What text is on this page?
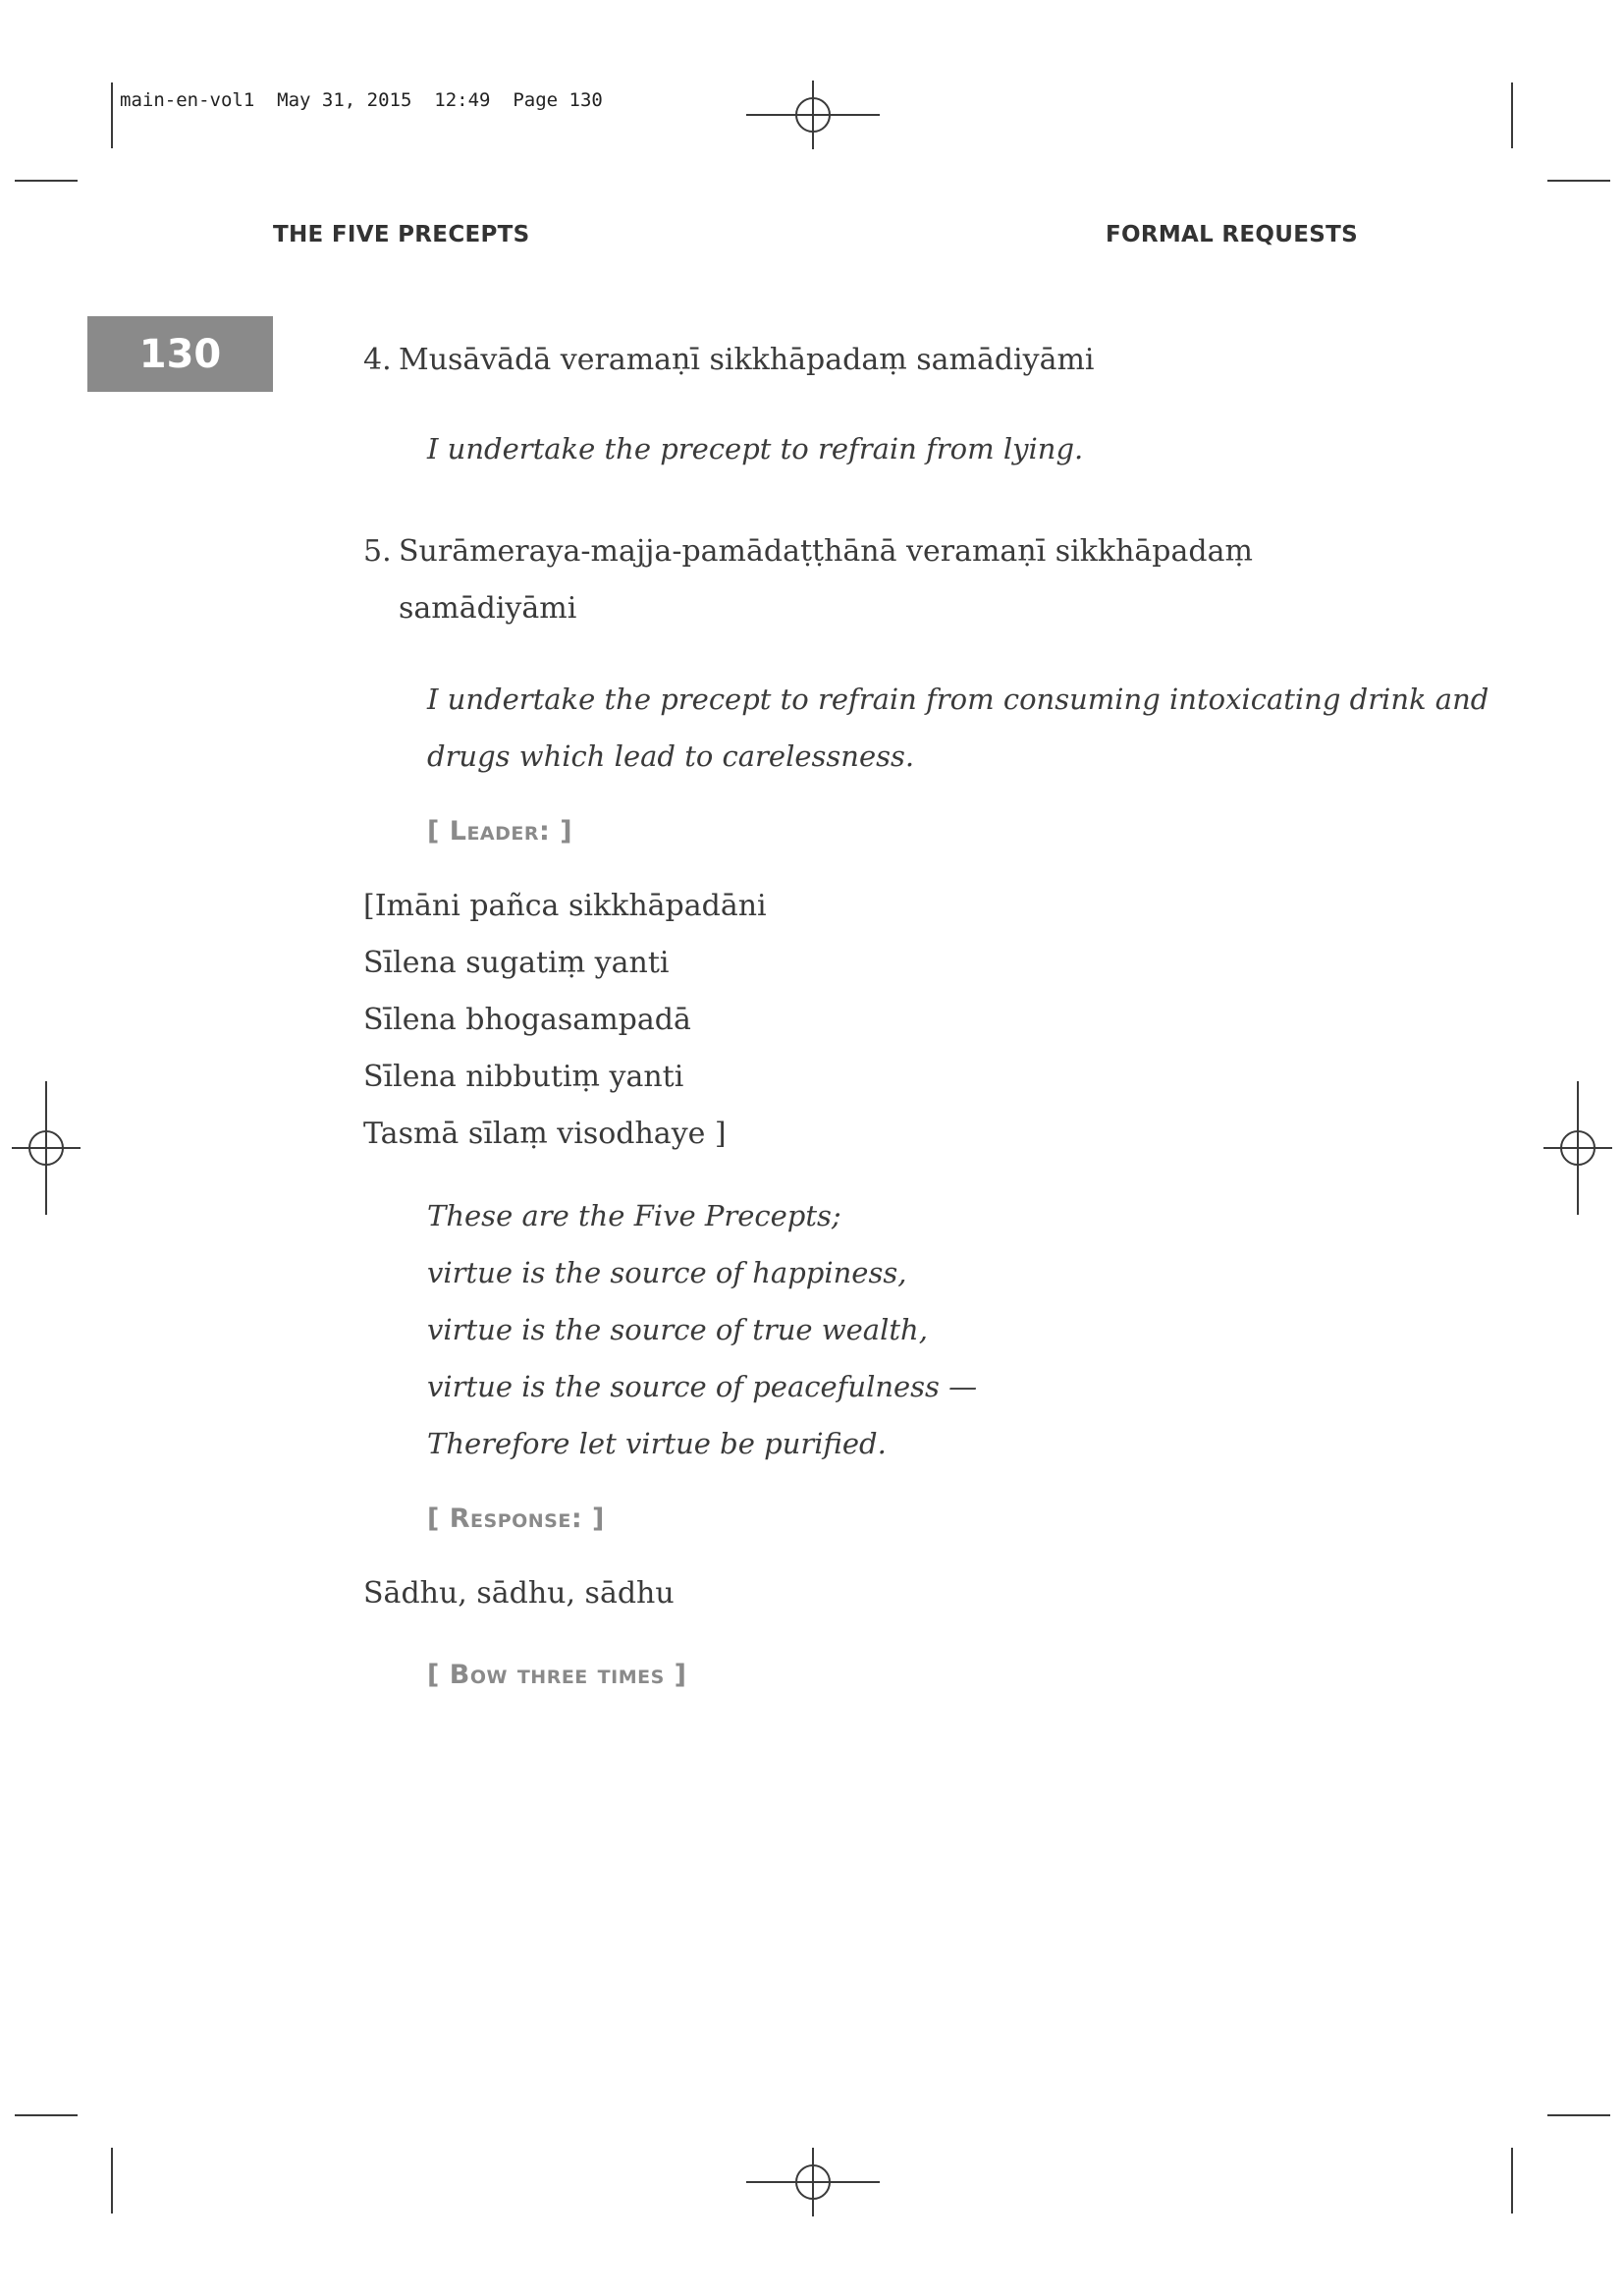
main-en-vol1  May 31, 2015  12:49  Page 130
THE FIVE PRECEPTS	FORMAL REQUESTS
130	4. Musāvādā veramaṇī sikkhāpadaṃ samādiyāmi
I undertake the precept to refrain from lying.
5. Surāmeraya-majja-pamādaṭṭhānā veramaṇī sikkhāpadaṃ
samādiyāmi
I undertake the precept to refrain from consuming intoxicating drink and
drugs which lead to carelessness.
[ Leader: ]
[Imāni pañca sikkhāpadāni
Sīlena sugatiṃ yanti
Sīlena bhogasampadā
Sīlena nibbutiṃ yanti
Tasmā sīlaṃ visodhaye ]
These are the Five Precepts;
virtue is the source of happiness,
virtue is the source of true wealth,
virtue is the source of peacefulness —
Therefore let virtue be purified.
[ Response: ]
Sādhu, sādhu, sādhu
[ Bow three times ]
